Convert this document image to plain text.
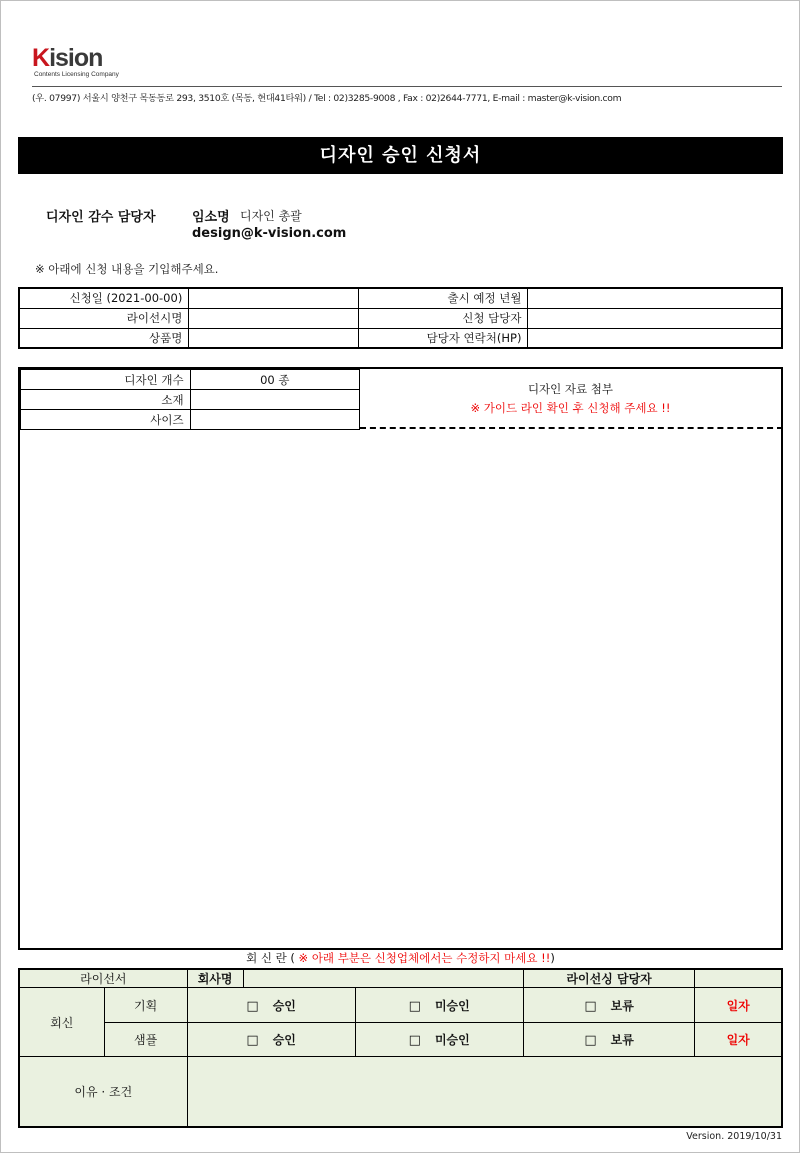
Kision
Contents Licensing Company
(우. 07997) 서울시 양천구 목동동로 293, 3510호 (목동, 현대41타워) / Tel : 02)3285-9008 , Fax : 02)2644-7771, E-mail : master@k-vision.com
디자인 승인 신청서
디자인 감수 담당자	임소명 디자인 총괄
design@k-vision.com
※ 아래에 신청 내용을 기입해주세요.
신청일 (2021-00-00)		출시 예정 년월	
라이선시명		신청 담당자	
상품명		담당자 연락처(HP)	
디자인 개수	00 종
소재	
사이즈	
디자인 자료 첨부
※ 가이드 라인 확인 후 신청해 주세요 !!
회 신 란 ( ※ 아래 부분은 신청업체에서는 수정하지 마세요 !!)
라이선서		회사명			라이선싱 담당자	
회신	기획	□ 승인		□ 미승인	□ 보류	일자
	샘플	□ 승인		□ 미승인	□ 보류	일자
이유 · 조건						
Version. 2019/10/31
